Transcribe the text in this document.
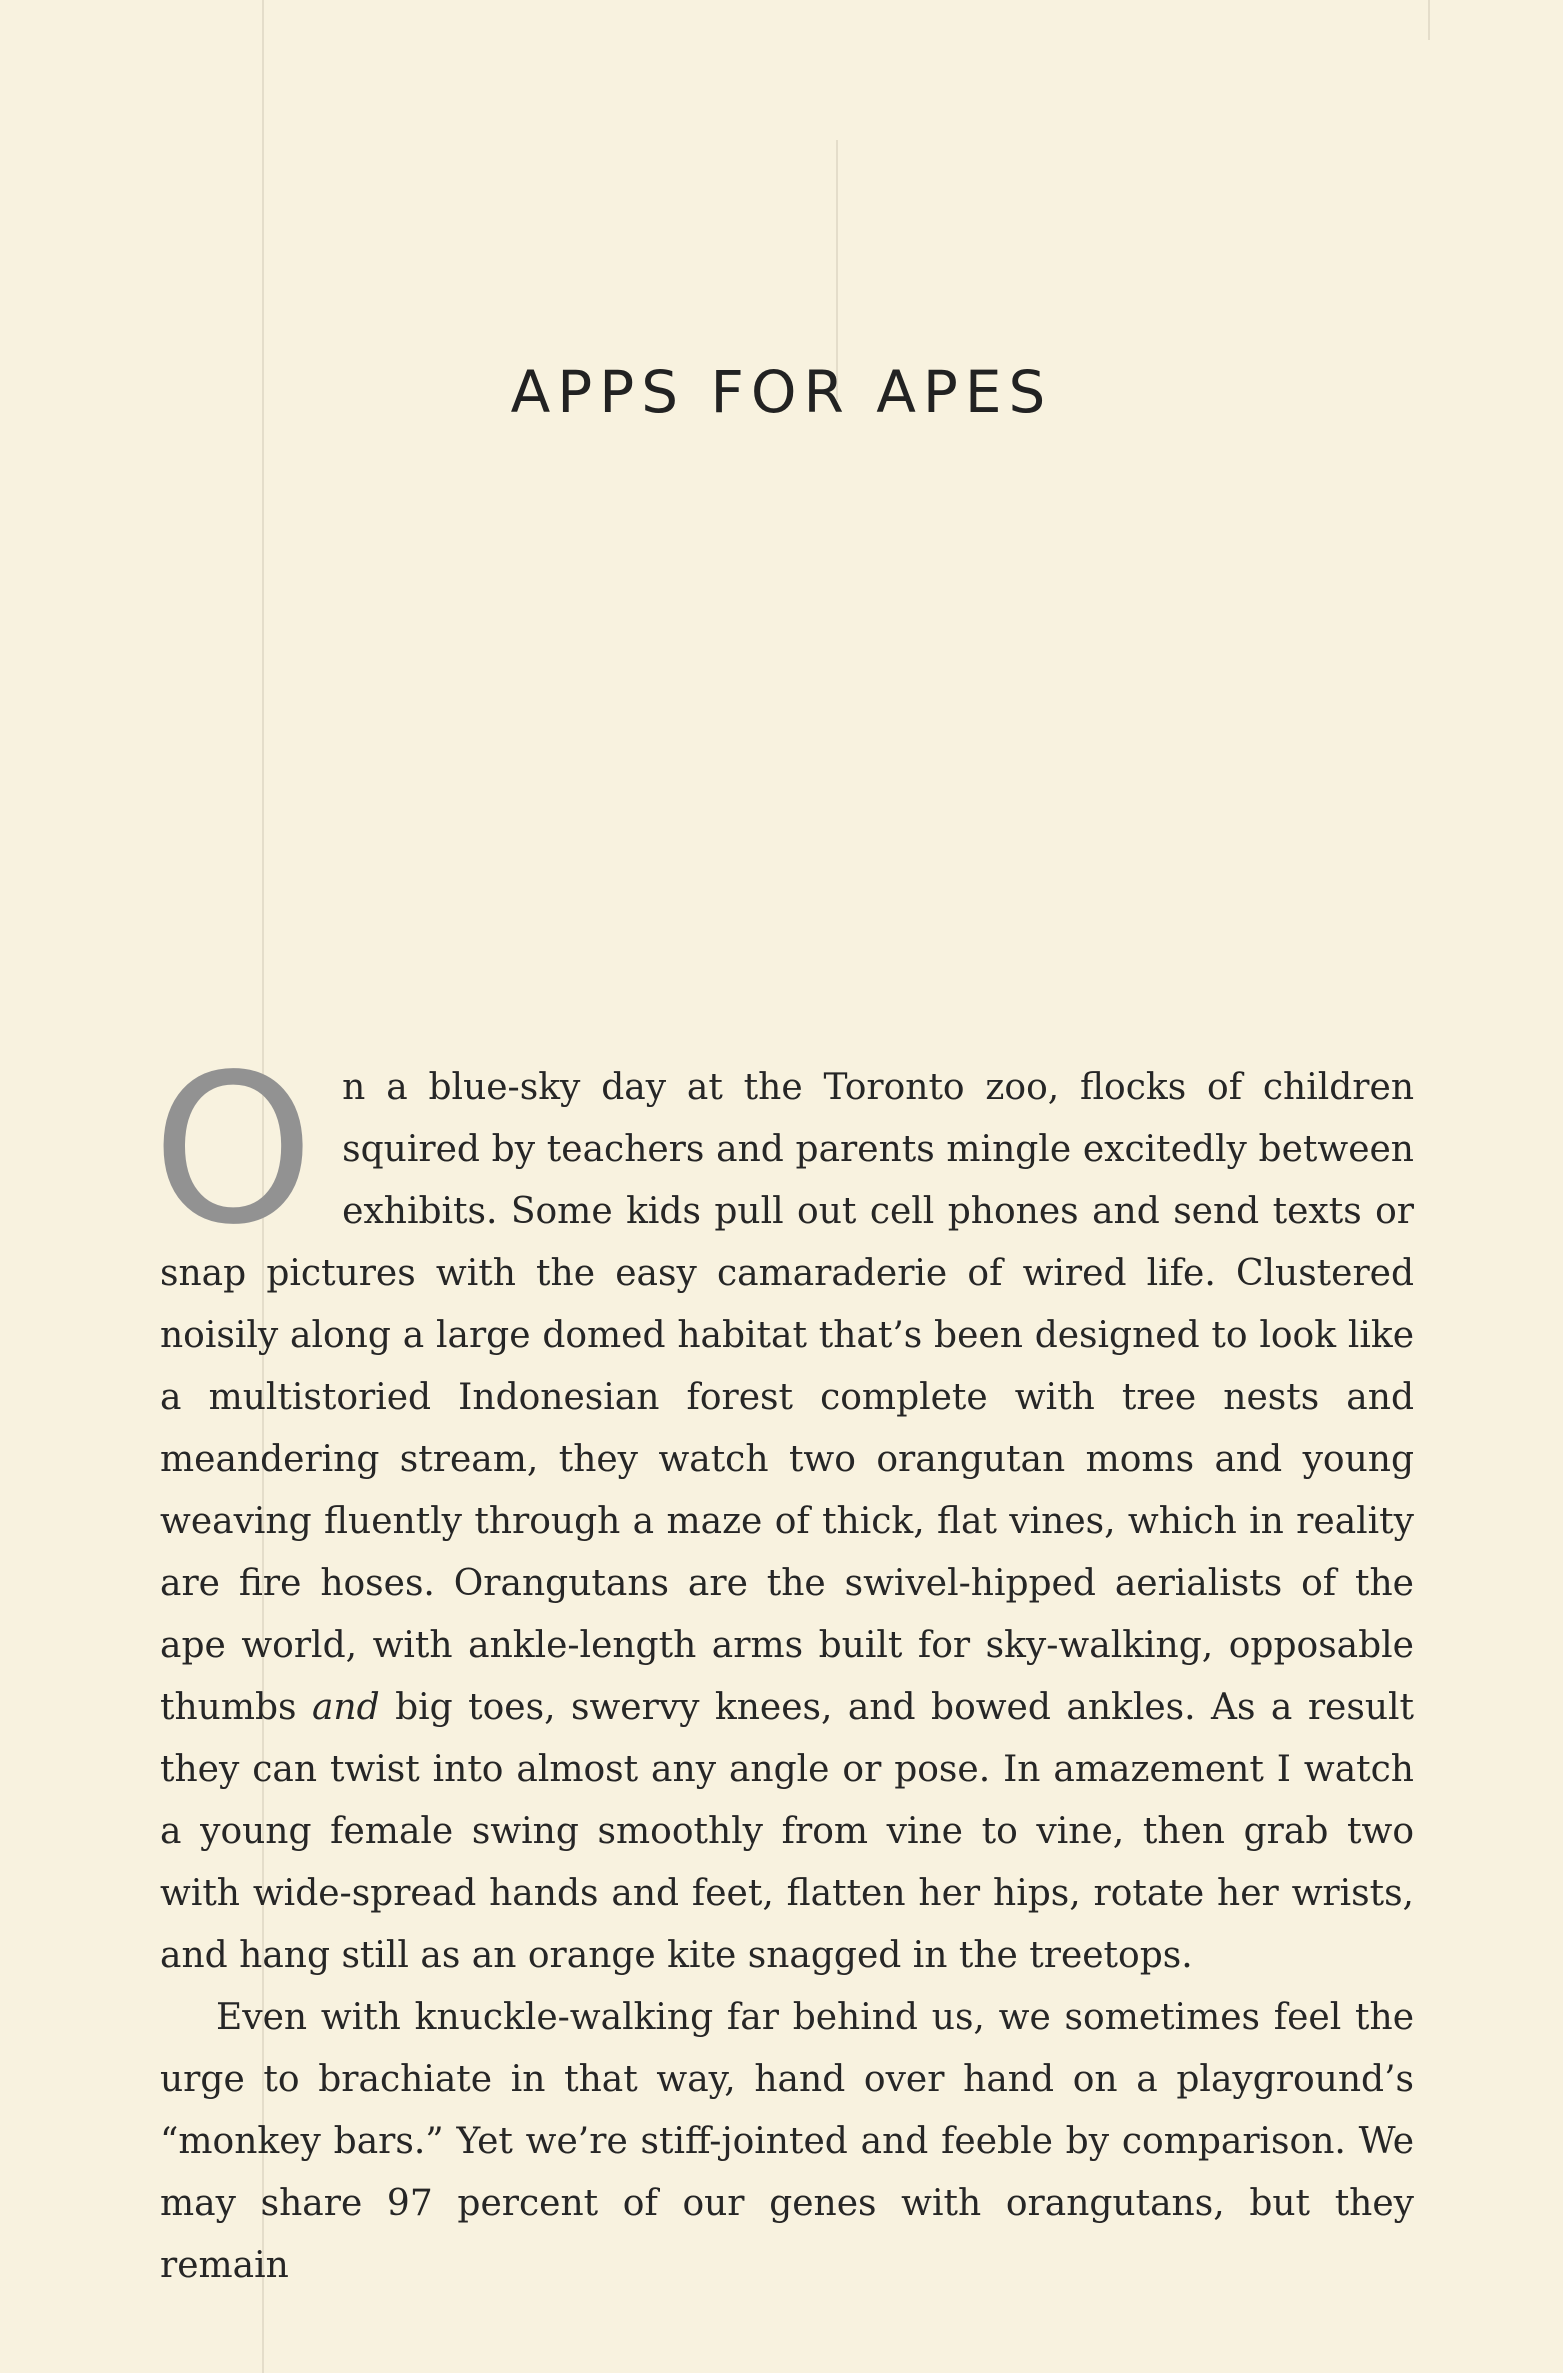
APPS FOR APES

On a blue-sky day at the Toronto zoo, flocks of children squired by teachers and parents mingle excitedly between exhibits. Some kids pull out cell phones and send texts or snap pictures with the easy camaraderie of wired life. Clustered noisily along a large domed habitat that’s been designed to look like a multistoried Indonesian forest complete with tree nests and meandering stream, they watch two orangutan moms and young weaving fluently through a maze of thick, flat vines, which in reality are fire hoses. Orangutans are the swivel-hipped aerialists of the ape world, with ankle-length arms built for sky-walking, opposable thumbs and big toes, swervy knees, and bowed ankles. As a result they can twist into almost any angle or pose. In amazement I watch a young female swing smoothly from vine to vine, then grab two with wide-spread hands and feet, flatten her hips, rotate her wrists, and hang still as an orange kite snagged in the treetops.

Even with knuckle-walking far behind us, we sometimes feel the urge to brachiate in that way, hand over hand on a playground’s “monkey bars.” Yet we’re stiff-jointed and feeble by comparison. We may share 97 percent of our genes with orangutans, but they remain
